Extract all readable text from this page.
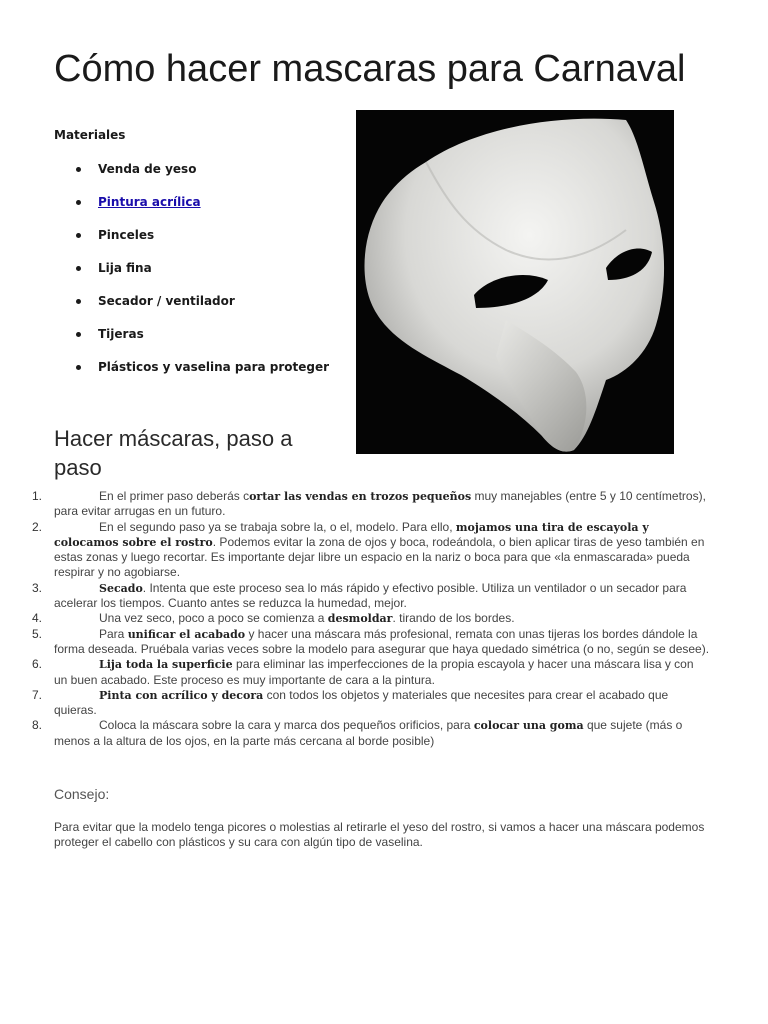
Cómo hacer mascaras para Carnaval
Materiales
Venda de yeso
Pintura acrílica
Pinceles
Lija fina
Secador / ventilador
Tijeras
Plásticos y vaselina para proteger
Hacer máscaras, paso a paso
1.	En el primer paso deberás cortar las vendas en trozos pequeños muy manejables (entre 5 y 10 centímetros), para evitar arrugas en un futuro.
2.	En el segundo paso ya se trabaja sobre la, o el, modelo. Para ello, mojamos una tira de escayola y colocamos sobre el rostro. Podemos evitar la zona de ojos y boca, rodeándola, o bien aplicar tiras de yeso también en estas zonas y luego recortar. Es importante dejar libre un espacio en la nariz o boca para que «la enmascarada» pueda respirar y no agobiarse.
3.	Secado. Intenta que este proceso sea lo más rápido y efectivo posible. Utiliza un ventilador o un secador para acelerar los tiempos. Cuanto antes se reduzca la humedad, mejor.
4.	Una vez seco, poco a poco se comienza a desmoldar. tirando de los bordes.
5.	Para unificar el acabado y hacer una máscara más profesional, remata con unas tijeras los bordes dándole la forma deseada. Pruébala varias veces sobre la modelo para asegurar que haya quedado simétrica (o no, según se desee).
6.	Lija toda la superficie para eliminar las imperfecciones de la propia escayola y hacer una máscara lisa y con un buen acabado. Este proceso es muy importante de cara a la pintura.
7.	Pinta con acrílico y decora con todos los objetos y materiales que necesites para crear el acabado que quieras.
8.	Coloca la máscara sobre la cara y marca dos pequeños orificios, para colocar una goma que sujete (más o menos a la altura de los ojos, en la parte más cercana al borde posible)
Consejo:
Para evitar que la modelo tenga picores o molestias al retirarle el yeso del rostro, si vamos a hacer una máscara podemos proteger el cabello con plásticos y su cara con algún tipo de vaselina.
